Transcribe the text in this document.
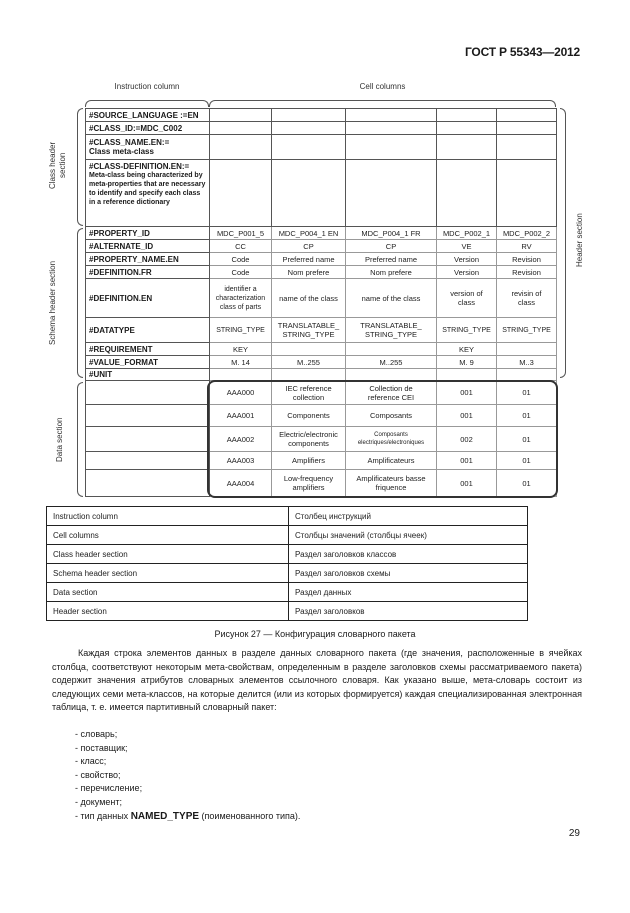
ГОСТ Р 55343—2012
Instruction column	Cell columns
Class header section
Schema header section
Data section
Header section
#SOURCE_LANGUAGE :=EN					
#CLASS_ID:=MDC_C002					

#CLASS_NAME.EN:=
Class meta-class					

#CLASS-DEFINITION.EN:=
Meta-class being characterized by meta-properties that are necessary to identify and specify each class in a reference dictionary					

#PROPERTY_ID	MDC_P001_5	MDC_P004_1 EN	MDC_P004_1 FR	MDC_P002_1	MDC_P002_2
#ALTERNATE_ID	CC	CP	CP	VE	RV
#PROPERTY_NAME.EN	Code	Preferred name	Preferred name	Version	Revision
#DEFINITION.FR	Code	Nom prefere	Nom prefere	Version	Revision
#DEFINITION.EN	identifier a characterization class of parts	name of the class	name of the class	version of class	revisin of class
#DATATYPE	STRING_TYPE	TRANSLATABLE_ STRING_TYPE	TRANSLATABLE_ STRING_TYPE	STRING_TYPE	STRING_TYPE
#REQUIREMENT	KEY			KEY	
#VALUE_FORMAT	M. 14	M..255	M..255	M. 9	M..3
#UNIT					
	AAA000	IEC reference collection	Collection de reference CEI	001	01
	AAA001	Components	Composants	001	01
	AAA002	Electric/electronic components	Composants electriques/electroniques	002	01
	AAA003	Amplifiers	Amplificateurs	001	01
	AAA004	Low-frequency amplifiers	Amplificateurs basse friquence	001	01
Instruction column	Столбец инструкций
Cell columns	Столбцы значений (столбцы ячеек)
Class header section	Раздел заголовков классов
Schema header section	Раздел заголовков схемы
Data section	Раздел данных
Header section	Раздел заголовков
Рисунок 27 — Конфигурация словарного пакета

Каждая строка элементов данных в разделе данных словарного пакета (где значения, расположенные в ячейках столбца, соответствуют некоторым мета-свойствам, определенным в разделе заголовков схемы рассматриваемого пакета) содержит значения атрибутов словарных элементов ссылочного словаря. Как указано выше, мета-словарь состоит из следующих семи мета-классов, на которые делится (или из которых формируется) каждая специализированная электронная таблица, т. е. имеется партитивный словарный пакет:

- словарь;
- поставщик;
- класс;
- свойство;
- перечисление;
- документ;
- тип данных NAMED_TYPE (поименованного типа).
29
